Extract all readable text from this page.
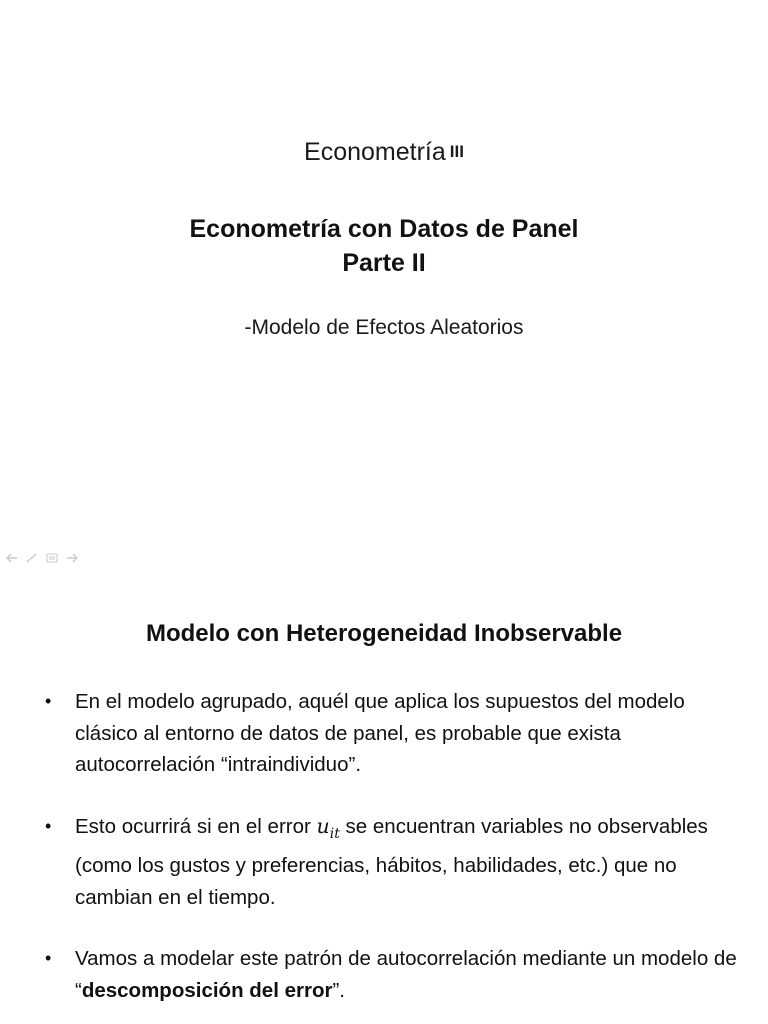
Econometría III
Econometría con Datos de Panel
Parte II
-Modelo de Efectos Aleatorios
Modelo con Heterogeneidad Inobservable
• En el modelo agrupado, aquél que aplica los supuestos del modelo clásico al entorno de datos de panel, es probable que exista autocorrelación “intraindividuo”.
• Esto ocurrirá si en el error $u_{it}$ se encuentran variables no observables (como los gustos y preferencias, hábitos, habilidades, etc.) que no cambian en el tiempo.
• Vamos a modelar este patrón de autocorrelación mediante un modelo de “descomposición del error”.
